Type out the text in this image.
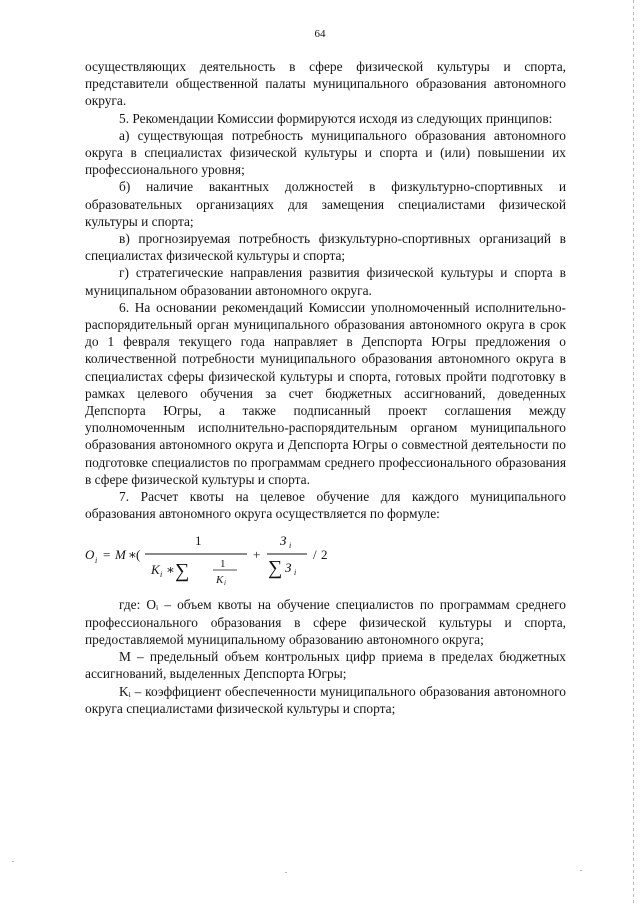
64

осуществляющих деятельность в сфере физической культуры и спорта, представители общественной палаты муниципального образования автономного округа.

5. Рекомендации Комиссии формируются исходя из следующих принципов:

а) существующая потребность муниципального образования автономного округа в специалистах физической культуры и спорта и (или) повышении их профессионального уровня;

б) наличие вакантных должностей в физкультурно-спортивных и образовательных организациях для замещения специалистами физической культуры и спорта;

в) прогнозируемая потребность физкультурно-спортивных организаций в специалистах физической культуры и спорта;

г) стратегические направления развития физической культуры и спорта в муниципальном образовании автономного округа.

6. На основании рекомендаций Комиссии уполномоченный исполнительно-распорядительный орган муниципального образования автономного округа в срок до 1 февраля текущего года направляет в Депспорта Югры предложения о количественной потребности муниципального образования автономного округа в специалистах сферы физической культуры и спорта, готовых пройти подготовку в рамках целевого обучения за счет бюджетных ассигнований, доведенных Депспорта Югры, а также подписанный проект соглашения между уполномоченным исполнительно-распорядительным органом муниципального образования автономного округа и Депспорта Югры о совместной деятельности по подготовке специалистов по программам среднего профессионального образования в сфере физической культуры и спорта.

7. Расчет квоты на целевое обучение для каждого муниципального образования автономного округа осуществляется по формуле:

O i = M ∗ (
1
K i ∗ ∑	1
K i
+
З i
∑ З i
/ 2

где: Oᵢ – объем квоты на обучение специалистов по программам среднего профессионального образования в сфере физической культуры и спорта, предоставляемой муниципальному образованию автономного округа;

М – предельный объем контрольных цифр приема в пределах бюджетных ассигнований, выделенных Депспорта Югры;

Kᵢ – коэффициент обеспеченности муниципального образования автономного округа специалистами физической культуры и спорта;

.
.	.
